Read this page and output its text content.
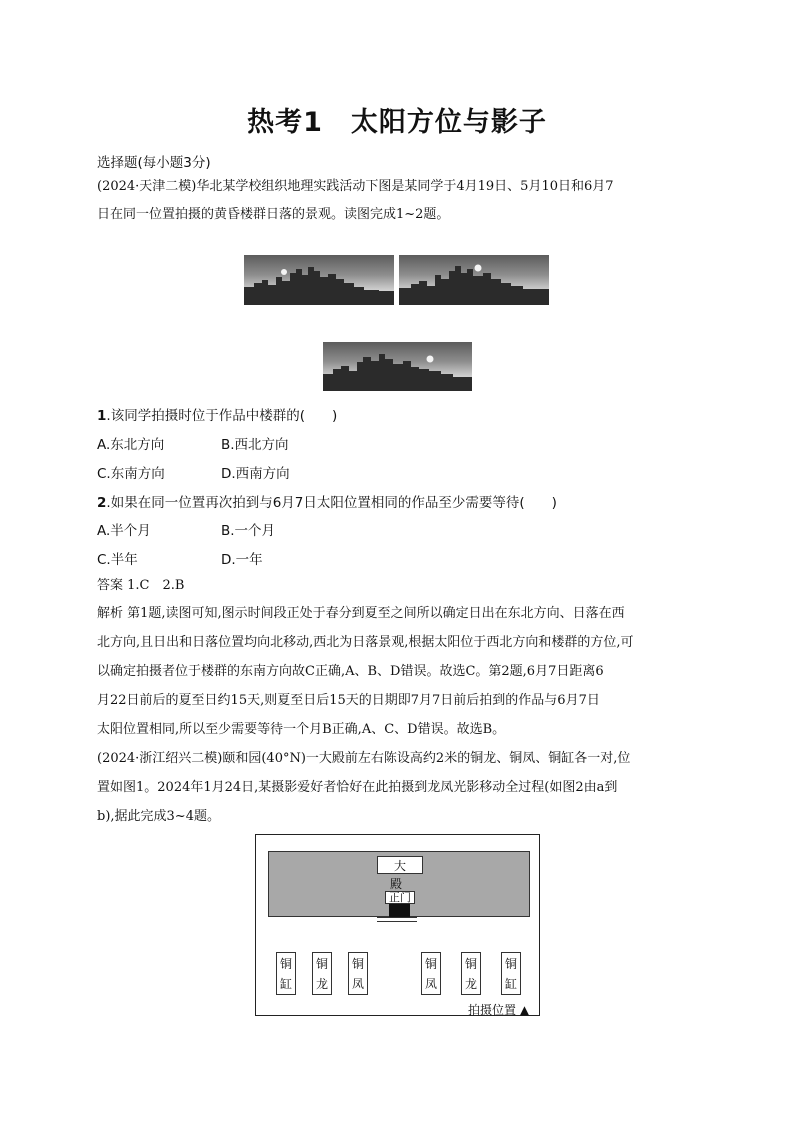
热考1　太阳方位与影子
选择题(每小题3分)
(2024·天津二模)华北某学校组织地理实践活动下图是某同学于4月19日、5月10日和6月7
日在同一位置拍摄的黄昏楼群日落的景观。读图完成1~2题。
1.该同学拍摄时位于作品中楼群的(　　)
A.东北方向	B.西北方向
C.东南方向	D.西南方向
2.如果在同一位置再次拍到与6月7日太阳位置相同的作品至少需要等待(　　)
A.半个月	B.一个月
C.半年	D.一年
答案 1.C　2.B
解析 第1题,读图可知,图示时间段正处于春分到夏至之间所以确定日出在东北方向、日落在西
北方向,且日出和日落位置均向北移动,西北为日落景观,根据太阳位于西北方向和楼群的方位,可
以确定拍摄者位于楼群的东南方向故C正确,A、B、D错误。故选C。第2题,6月7日距离6
月22日前后的夏至日约15天,则夏至日后15天的日期即7月7日前后拍到的作品与6月7日
太阳位置相同,所以至少需要等待一个月B正确,A、C、D错误。故选B。
(2024·浙江绍兴二模)颐和园(40°N)一大殿前左右陈设高约2米的铜龙、铜凤、铜缸各一对,位
置如图1。2024年1月24日,某摄影爱好者恰好在此拍摄到龙凤光影移动全过程(如图2由a到
b),据此完成3~4题。
大　殿
正门
铜
缸
铜
龙
铜
凤
铜
凤
铜
龙
铜
缸
拍摄位置 ▲
